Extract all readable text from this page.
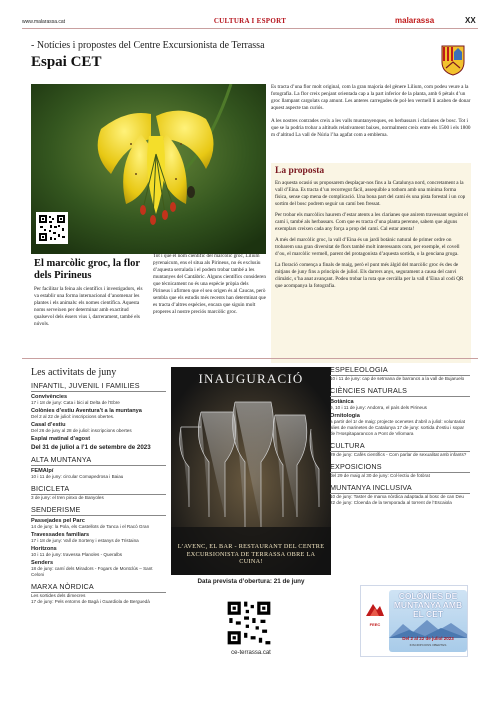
www.malarassa.cat	CULTURA I ESPORT	malarassa	XX
- Notícies i propostes del Centre Excursionista de Terrassa
Espai CET
El marcòlic groc, la flor dels Pirineus
Per facilitar la feina als científics i investigadors, els va establir una forma internacional d’anomenar les plantes i els animals: els nomes científica. Aquesta noms serveixen per determinar amb exactitud qualsevol dels éssers vius i, darrerament, també els núvols.
Tot i que el nom científic del marcòlic groc, Lilium pyrenaicum, ens el situa als Pirineus, no és exclusiu d’aquesta serralada i el podem trobar també a les muntanyes del Cantàbric. Alguns científics consideren que tècnicament no és una espècie pròpia dels Pirineus i afirmen que el seu origen és al Caucas, però sembla que els estudis més recents han determinat que es tracta d’altres espècies, encara que siguin molt properes al nostre preciós marcòlic groc.

Es tracta d’una flor molt original, com la gran majoria del gènere Lilium, com podeu veure a la fotografia. La flor creix penjant orientada cap a la part inferior de la planta, amb 6 pètals d’un groc llampant cargolats cap amunt. Les anteres carregades de pol·len vermell li acaben de donar aquest aspecte tan curiós.

A les nostres contrades creix a les valls muntanyenques, en herbassars i clarianes de bosc. Tot i que se la podria trobar a altituds relativament baixes, normalment creix entre els 1500 i els 1800 m d’altitud La vall de Núria l’ha agafat com a emblema.

La proposta

En aquesta ocasió us proposarem desplaçar-nos fins a la Catalunya nord, concretament a la vall d’Eina. Es tracta d’un recorregut fàcil, assequible a tothom amb una mínima forma física, sense cap mena de complicació. Una bona part del camí és una pista forestal i un cop sortim del bosc podrem seguir un camí ben fressat.

Per trobar els marcòlics haurem d’estar atents a les clarianes que anirem travessant seguint el camí i, també als herbassars. Com que es tracta d’una planta perenne, sabem que alguns exemplars creixen cada any força a prop del camí. Cal estar atenta!

A més del marcòlic groc, la vall d’Eina és un jardí botànic natural de primer ordre on trobarem una gran diversitat de flors també molt interessants com, per exemple, el covell d’ou, el marcòlic vermell, parent del protagonista d’aquesta sortida, o la genciana groga.

La floració comença a finals de maig, però el punt més àlgid del marcòlic groc és des de mitjans de juny fins a principis de juliol. Els darrers anys, segurament a causa del canvi climàtic, s’ha anat avançant. Podeu trobar la ruta que cercàlla per la vall d’Eina al codi QR que acompanya la fotografia.

Les activitats de juny
INFANTIL, JUVENIL I FAMILIES
Convivències
17 i 18 de juny: Cata i bici al Delta de l’Ebre
Colònies d’estiu Aventura’t a la muntanya
Del 2 al 22 de juliol: inscripcions obertes.
Casal d’estiu
Del 26 de juny al 28 de juliol: inscripcions obertes
Esplai matinal d’agost
Del 31 de juliol a l’1 de setembre de 2023
ALTA MUNTANYA
FEMAlpí
10 i 11 de juny: circular Comapedrosa i Baiau
BICICLETA
3 de juny: el tren pinxo de Banyoles
SENDERISME
Passejades pel Parc
14 de juny: la Pola, els Castellots de Tanca i el Racó Gran
Travessades familiars
17 i 18 de juny: Vall de Sorteny i estanys de Tristaina
Horitzons
10 i 11 de juny: travessa Planoles - Queralbs
Senders
18 de juny: camí dels Miradors - Fogars de Montclús – Sant Celoni
MARXA NÒRDICA
Les sortides dels dimecres
17 de juny: Pels entorns de Bagà i Guardiola de Berguedà
INAUGURACIÓ
L’AVENC, EL BAR - RESTAURANT DEL CENTRE EXCURSIONISTA DE TERRASSA OBRE LA CUINA!
Data prevista d’obertura: 21 de juny
ce-terrassa.cat
ESPELEOLOGIA
10 i 11 de juny: cap de setmana de barrancs a la vall de Bujaruelo
CIÈNCIES NATURALS
Botànica
9, 10 i 11 de juny: Andorra, el país dels Pirineus
Ornitologia
a partir del 1r de maig: projecte ocenetes d’abril a juliol: voluntariat alies de marinetes de Catalunya 17 de juny: sortida d’estiu i sopar de l’Hospitaparancon a Pont de Vilomara
CULTURA
29 de juny: Cafès científics - Com parlar de sexualitat amb infants?
EXPOSICIONS
del 29 de maig al 30 de juny: Col·lectiu de fotòrat
MUNTANYA INCLUSIVA
10 de juny: Taster de marxa nòrdica adaptada al bosc de can Deu
22 de juny: Cloenda de la temporada al torrent de l’Escaiola
FEEC
COLÒNIES DE MUNTANYA AMB EL CET
Del 2 al 22 de juliol 2023
INSCRIPCIONS OBERTES
